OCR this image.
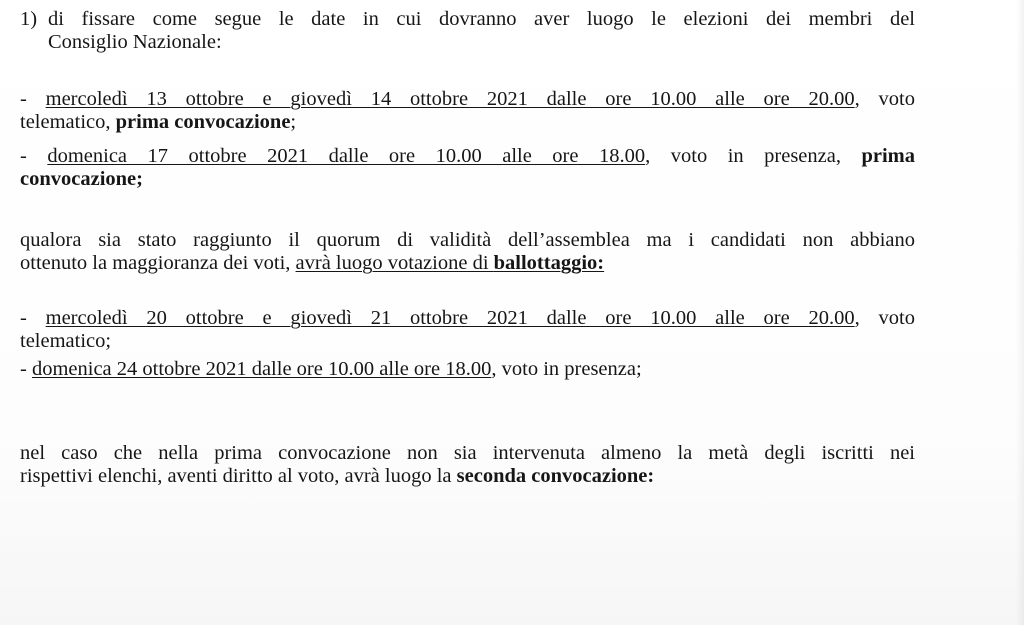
1) di fissare come segue le date in cui dovranno aver luogo le elezioni dei membri del
Consiglio Nazionale:
- mercoledì 13 ottobre e giovedì 14 ottobre 2021 dalle ore 10.00 alle ore 20.00, voto
telematico, prima convocazione;
- domenica 17 ottobre 2021 dalle ore 10.00 alle ore 18.00, voto in presenza, prima
convocazione;
qualora sia stato raggiunto il quorum di validità dell’assemblea ma i candidati non abbiano
ottenuto la maggioranza dei voti, avrà luogo votazione di ballottaggio:
- mercoledì 20 ottobre e giovedì 21 ottobre 2021 dalle ore 10.00 alle ore 20.00, voto
telematico;
- domenica 24 ottobre 2021 dalle ore 10.00 alle ore 18.00, voto in presenza;
nel caso che nella prima convocazione non sia intervenuta almeno la metà degli iscritti nei
rispettivi elenchi, aventi diritto al voto, avrà luogo la seconda convocazione:
